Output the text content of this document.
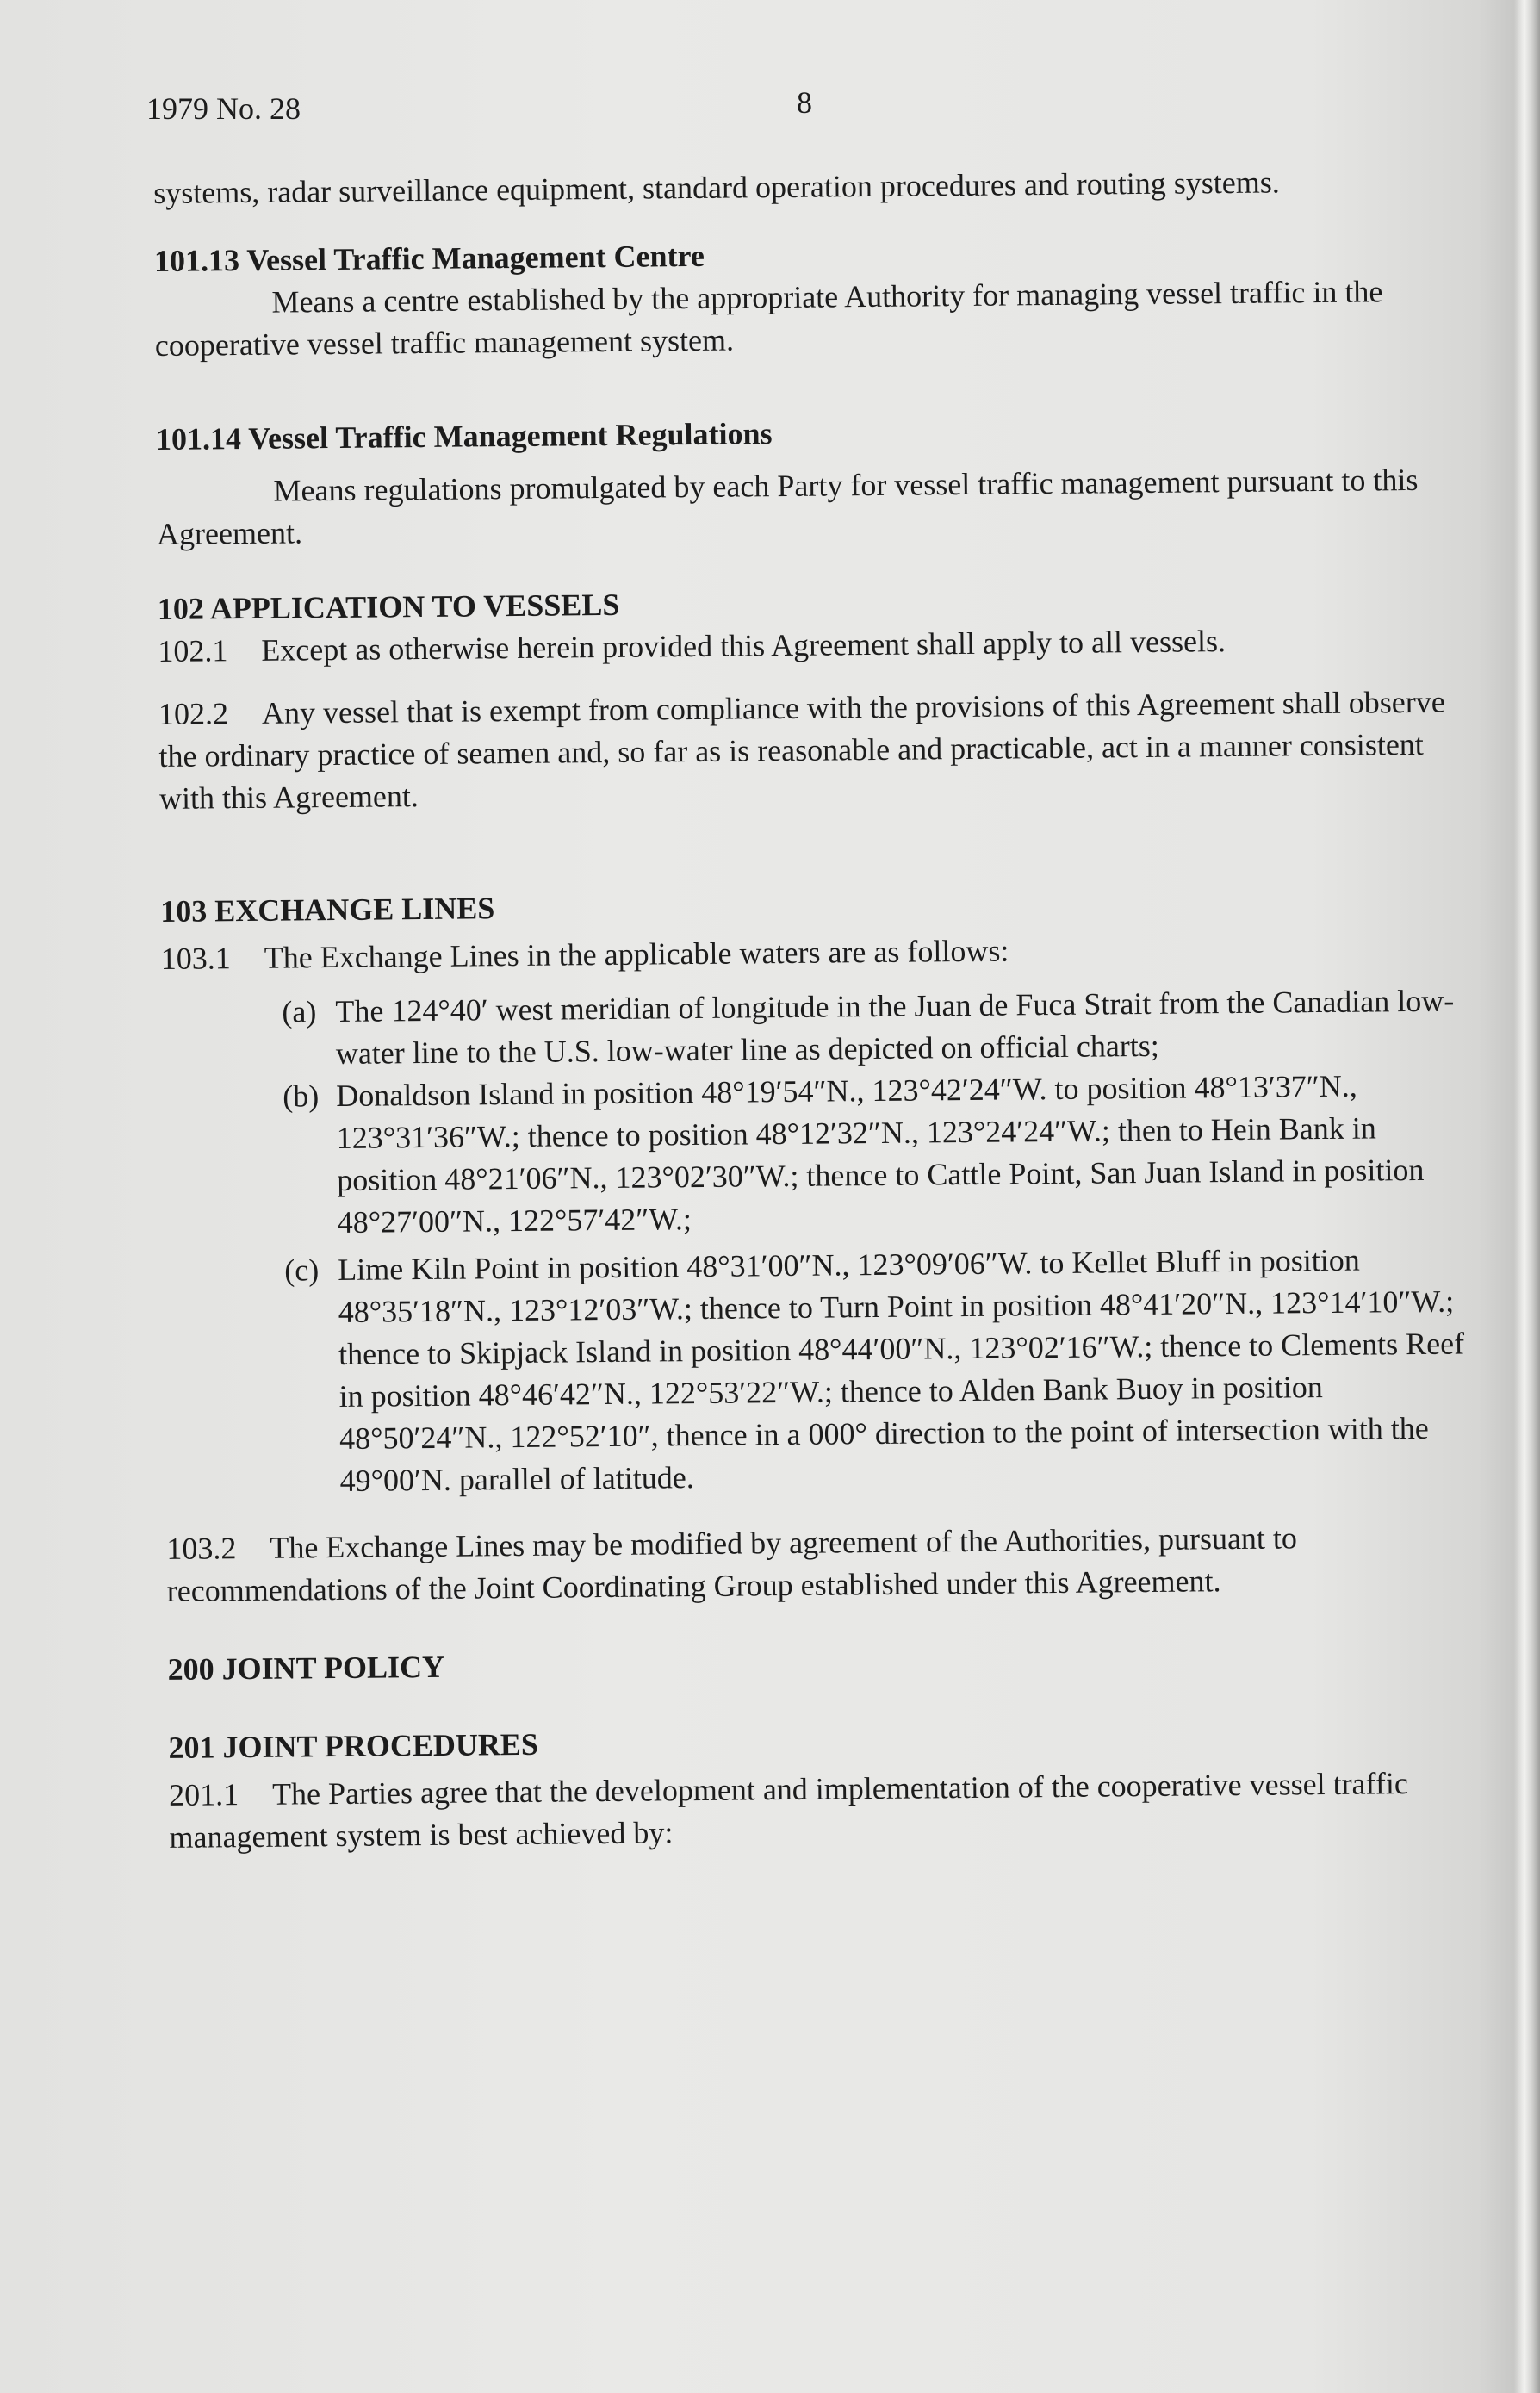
1979 No. 28	8

systems, radar surveillance equipment, standard operation procedures and routing systems.

101.13 Vessel Traffic Management Centre

Means a centre established by the appropriate Authority for managing vessel traffic in the cooperative vessel traffic management system.

101.14 Vessel Traffic Management Regulations

Means regulations promulgated by each Party for vessel traffic management pursuant to this Agreement.

102 APPLICATION TO VESSELS

102.1 Except as otherwise herein provided this Agreement shall apply to all vessels.

102.2 Any vessel that is exempt from compliance with the provisions of this Agreement shall observe the ordinary practice of seamen and, so far as is reasonable and practicable, act in a manner consistent with this Agreement.

103 EXCHANGE LINES

103.1 The Exchange Lines in the applicable waters are as follows:

(a) The 124°40′ west meridian of longitude in the Juan de Fuca Strait from the Canadian low-water line to the U.S. low-water line as depicted on official charts;
(b) Donaldson Island in position 48°19′54″N., 123°42′24″W. to position 48°13′37″N., 123°31′36″W.; thence to position 48°12′32″N., 123°24′24″W.; then to Hein Bank in position 48°21′06″N., 123°02′30″W.; thence to Cattle Point, San Juan Island in position 48°27′00″N., 122°57′42″W.;
(c) Lime Kiln Point in position 48°31′00″N., 123°09′06″W. to Kellet Bluff in position 48°35′18″N., 123°12′03″W.; thence to Turn Point in position 48°41′20″N., 123°14′10″W.; thence to Skipjack Island in position 48°44′00″N., 123°02′16″W.; thence to Clements Reef in position 48°46′42″N., 122°53′22″W.; thence to Alden Bank Buoy in position 48°50′24″N., 122°52′10″, thence in a 000° direction to the point of intersection with the 49°00′N. parallel of latitude.

103.2 The Exchange Lines may be modified by agreement of the Authorities, pursuant to recommendations of the Joint Coordinating Group established under this Agreement.

200 JOINT POLICY

201 JOINT PROCEDURES

201.1 The Parties agree that the development and implementation of the cooperative vessel traffic management system is best achieved by:
